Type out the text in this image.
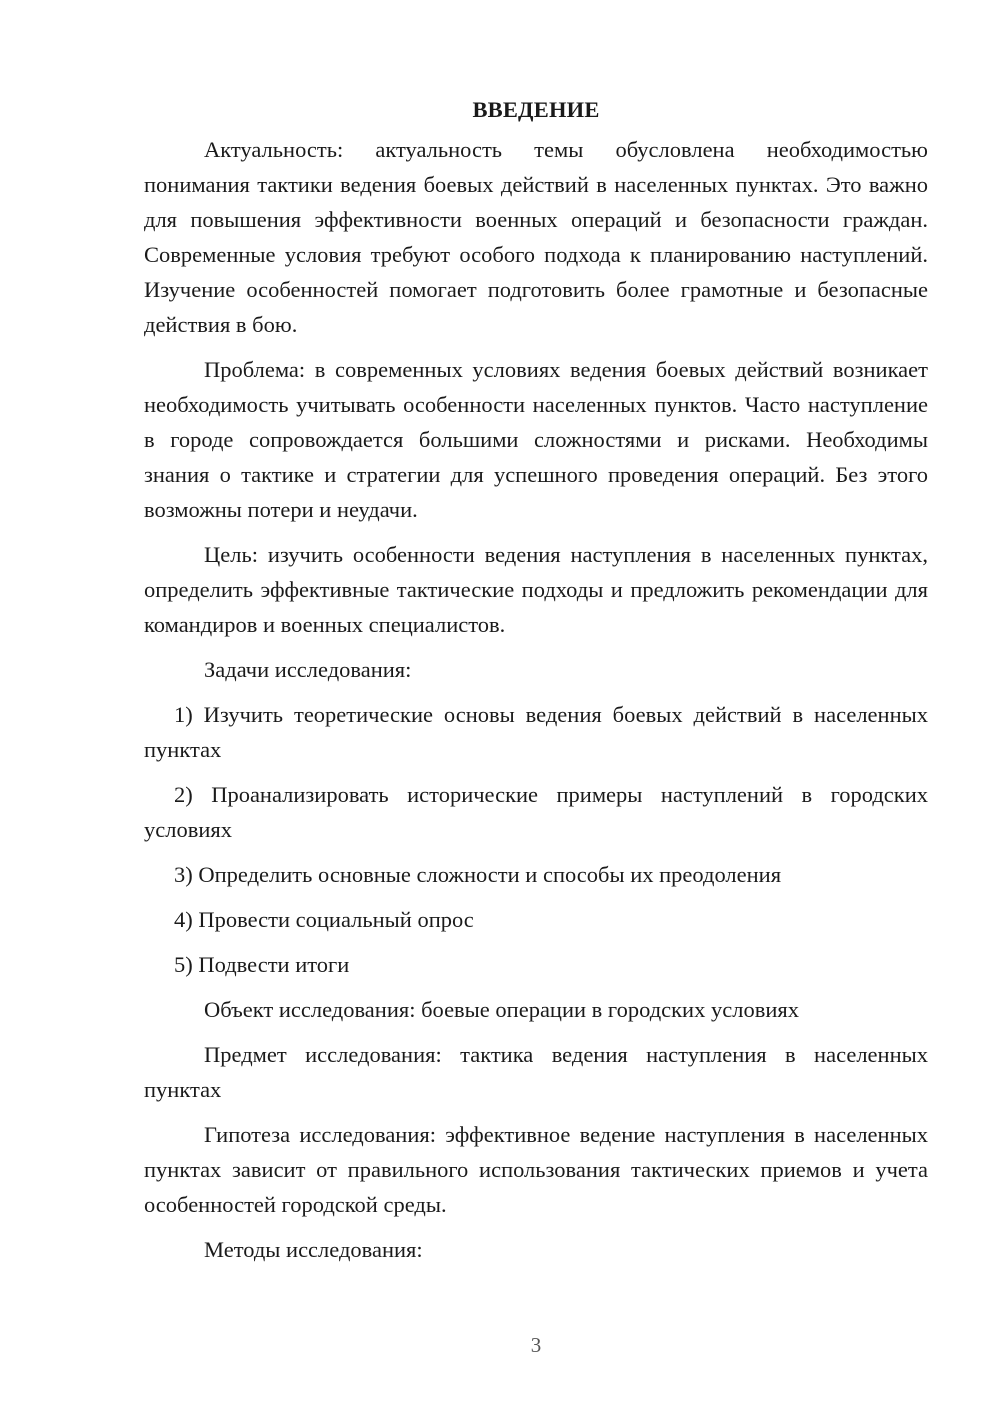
ВВЕДЕНИЕ

Актуальность: актуальность темы обусловлена необходимостью понимания тактики ведения боевых действий в населенных пунктах. Это важно для повышения эффективности военных операций и безопасности граждан. Современные условия требуют особого подхода к планированию наступлений. Изучение особенностей помогает подготовить более грамотные и безопасные действия в бою.

Проблема: в современных условиях ведения боевых действий возникает необходимость учитывать особенности населенных пунктов. Часто наступление в городе сопровождается большими сложностями и рисками. Необходимы знания о тактике и стратегии для успешного проведения операций. Без этого возможны потери и неудачи.

Цель: изучить особенности ведения наступления в населенных пунктах, определить эффективные тактические подходы и предложить рекомендации для командиров и военных специалистов.

Задачи исследования:

1) Изучить теоретические основы ведения боевых действий в населенных пунктах

2) Проанализировать исторические примеры наступлений в городских условиях

3) Определить основные сложности и способы их преодоления

4) Провести социальный опрос

5) Подвести итоги

Объект исследования: боевые операции в городских условиях

Предмет исследования: тактика ведения наступления в населенных пунктах

Гипотеза исследования: эффективное ведение наступления в населенных пунктах зависит от правильного использования тактических приемов и учета особенностей городской среды.

Методы исследования:

3
